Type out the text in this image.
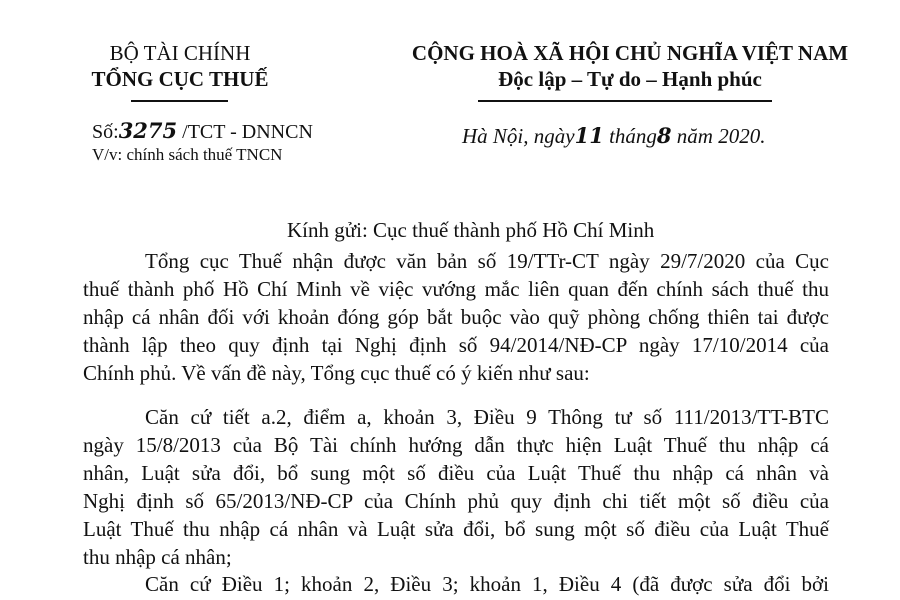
BỘ TÀI CHÍNH
TỔNG CỤC THUẾ
CỘNG HOÀ XÃ HỘI CHỦ NGHĨA VIỆT NAM
Độc lập – Tự do – Hạnh phúc
Số:3275 /TCT - DNNCN
V/v: chính sách thuế TNCN
Hà Nội, ngày11 tháng8 năm 2020.
Kính gửi: Cục thuế thành phố Hồ Chí Minh
Tổng cục Thuế nhận được văn bản số 19/TTr-CT ngày 29/7/2020 của Cục
thuế thành phố Hồ Chí Minh về việc vướng mắc liên quan đến chính sách thuế thu
nhập cá nhân đối với khoản đóng góp bắt buộc vào quỹ phòng chống thiên tai được
thành lập theo quy định tại Nghị định số 94/2014/NĐ-CP ngày 17/10/2014 của
Chính phủ. Về vấn đề này, Tổng cục thuế có ý kiến như sau:
Căn cứ tiết a.2, điểm a, khoản 3, Điều 9 Thông tư số 111/2013/TT-BTC
ngày 15/8/2013 của Bộ Tài chính hướng dẫn thực hiện Luật Thuế thu nhập cá
nhân, Luật sửa đổi, bổ sung một số điều của Luật Thuế thu nhập cá nhân và
Nghị định số 65/2013/NĐ-CP của Chính phủ quy định chi tiết một số điều của
Luật Thuế thu nhập cá nhân và Luật sửa đổi, bổ sung một số điều của Luật Thuế
thu nhập cá nhân;
Căn cứ Điều 1; khoản 2, Điều 3; khoản 1, Điều 4 (đã được sửa đổi bởi
